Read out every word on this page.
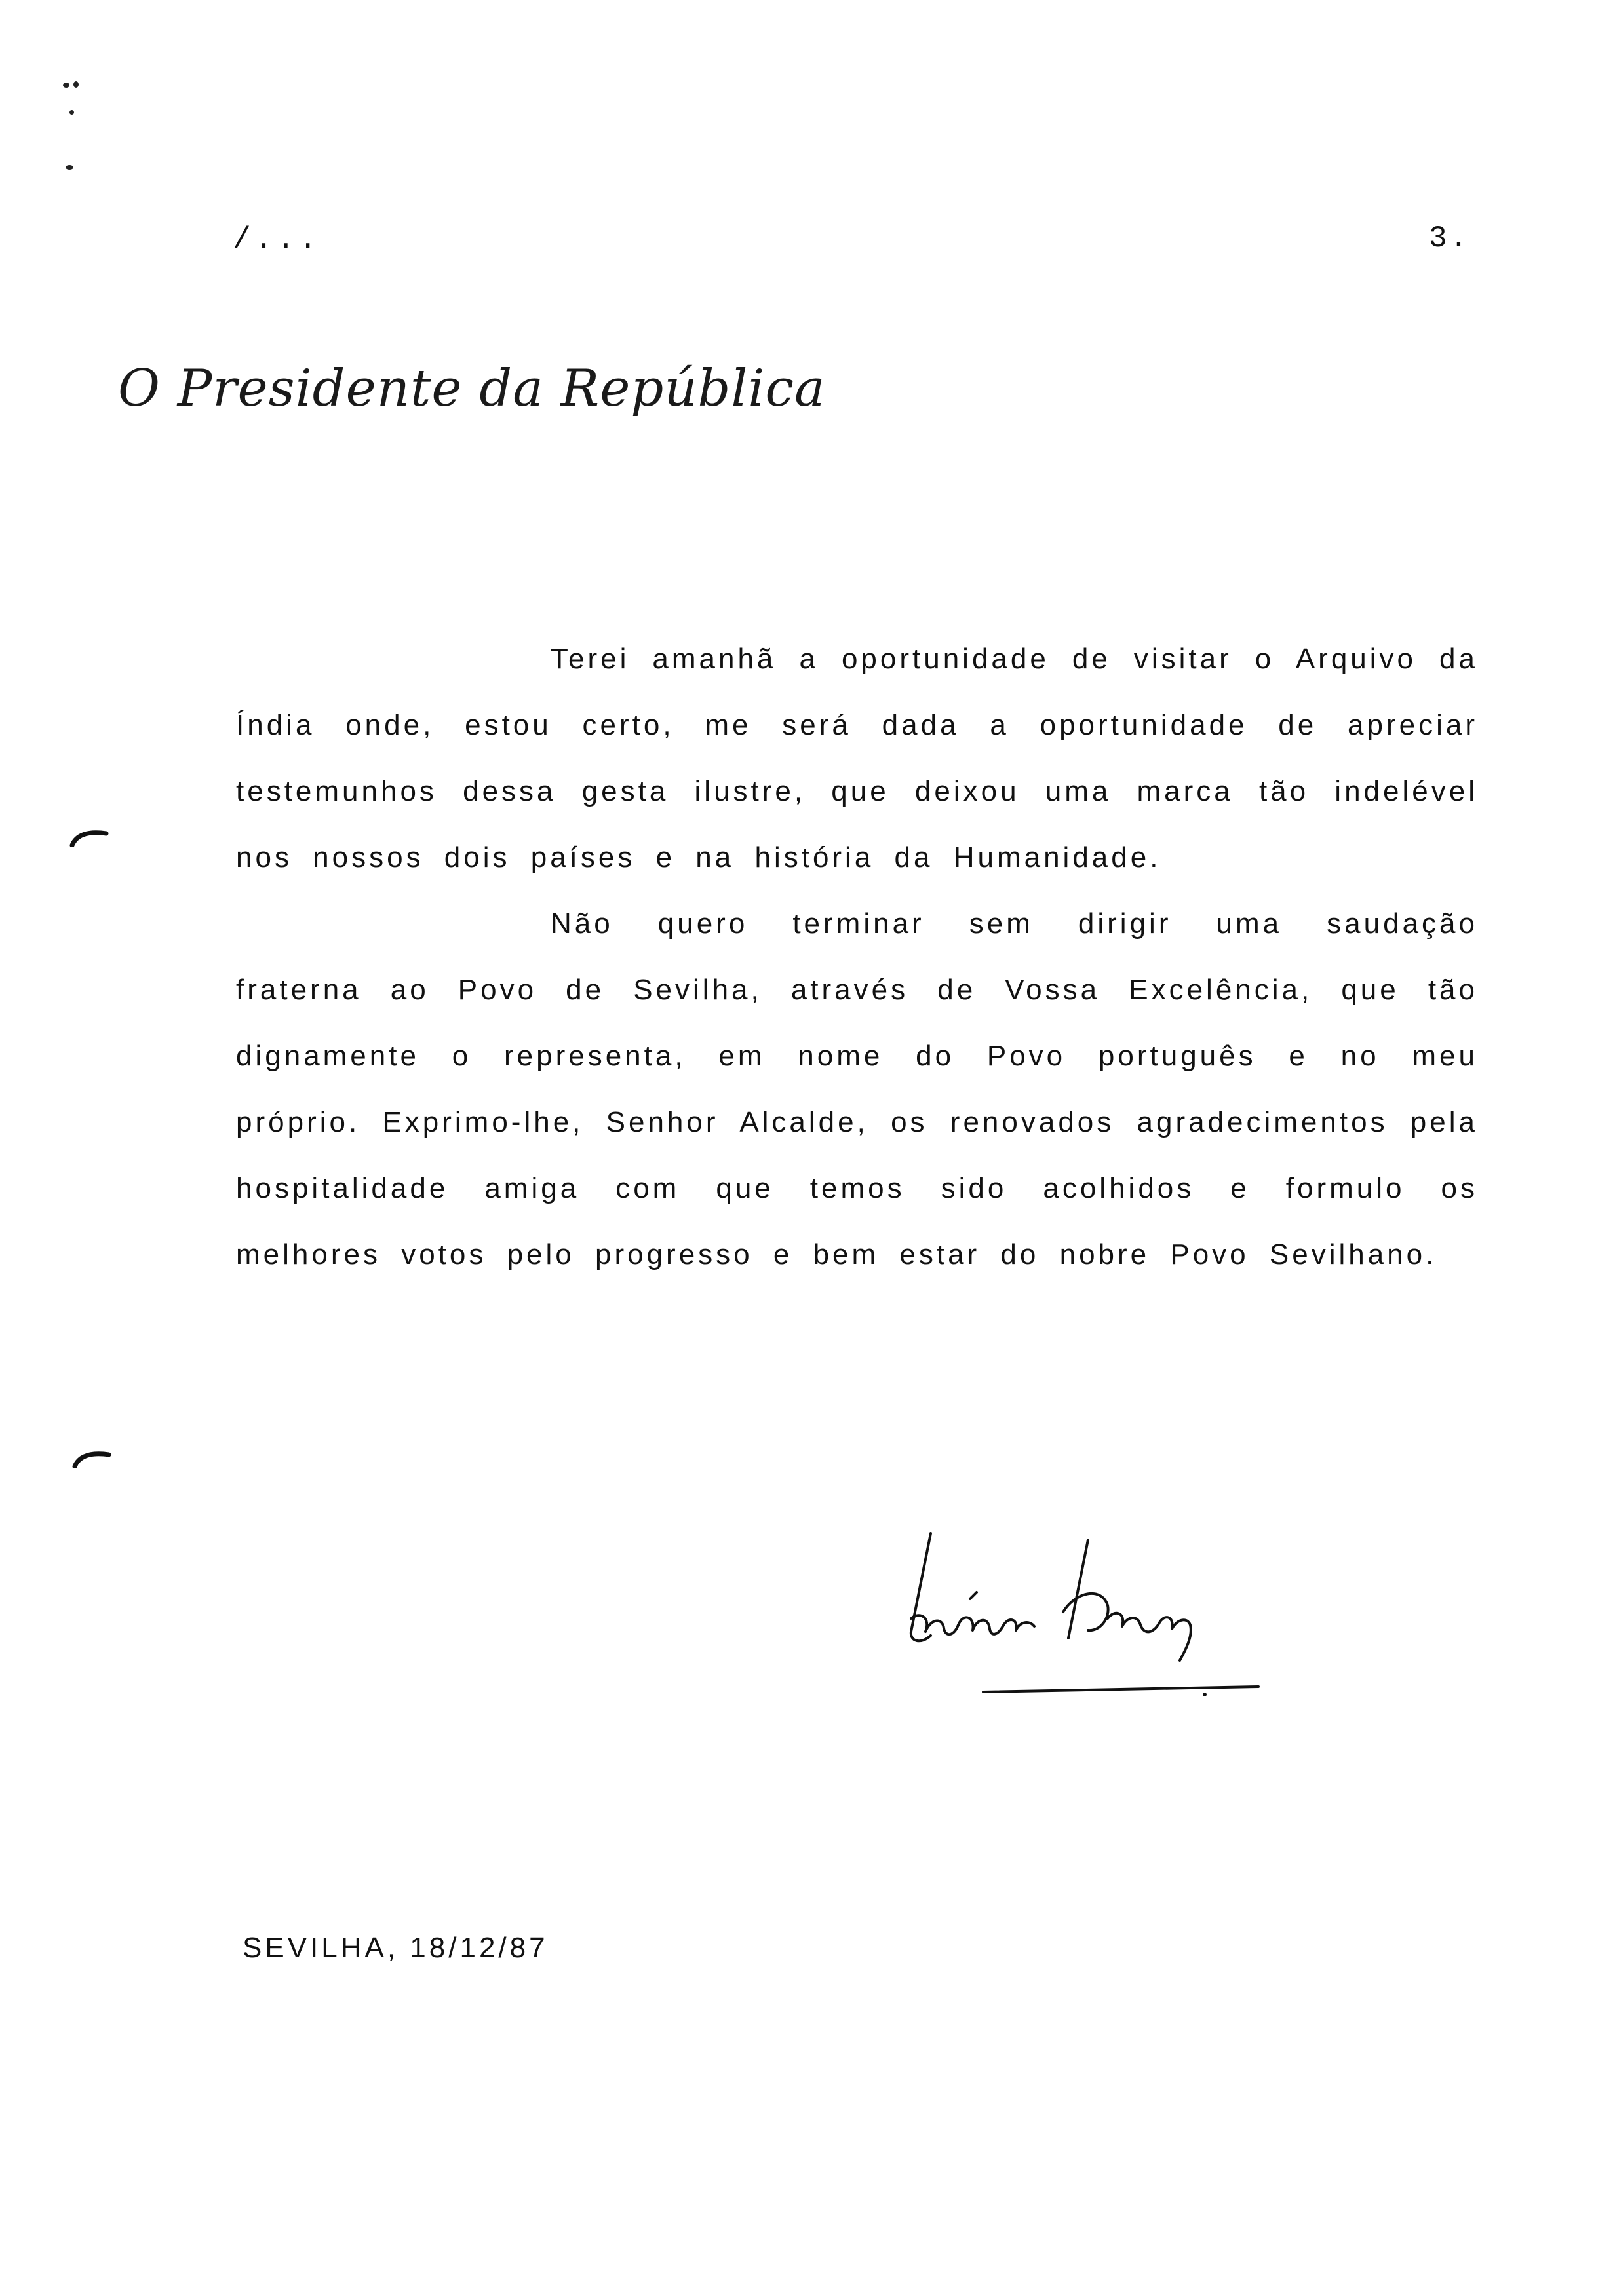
/...	3.
O Presidente da República

Terei amanhã a oportunidade de visitar o Arquivo da Índia onde, estou certo, me será dada a oportunidade de apreciar testemunhos dessa gesta ilustre, que deixou uma marca tão indelével nos nossos dois países e na história da Humanidade.

Não quero terminar sem dirigir uma saudação fraterna ao Povo de Sevilha, através de Vossa Excelência, que tão dignamente o representa, em nome do Povo português e no meu próprio. Exprimo-lhe, Senhor Alcalde, os renovados agradecimentos pela hospitalidade amiga com que temos sido acolhidos e formulo os melhores votos pelo progresso e bem estar do nobre Povo Sevilhano.

SEVILHA, 18/12/87
